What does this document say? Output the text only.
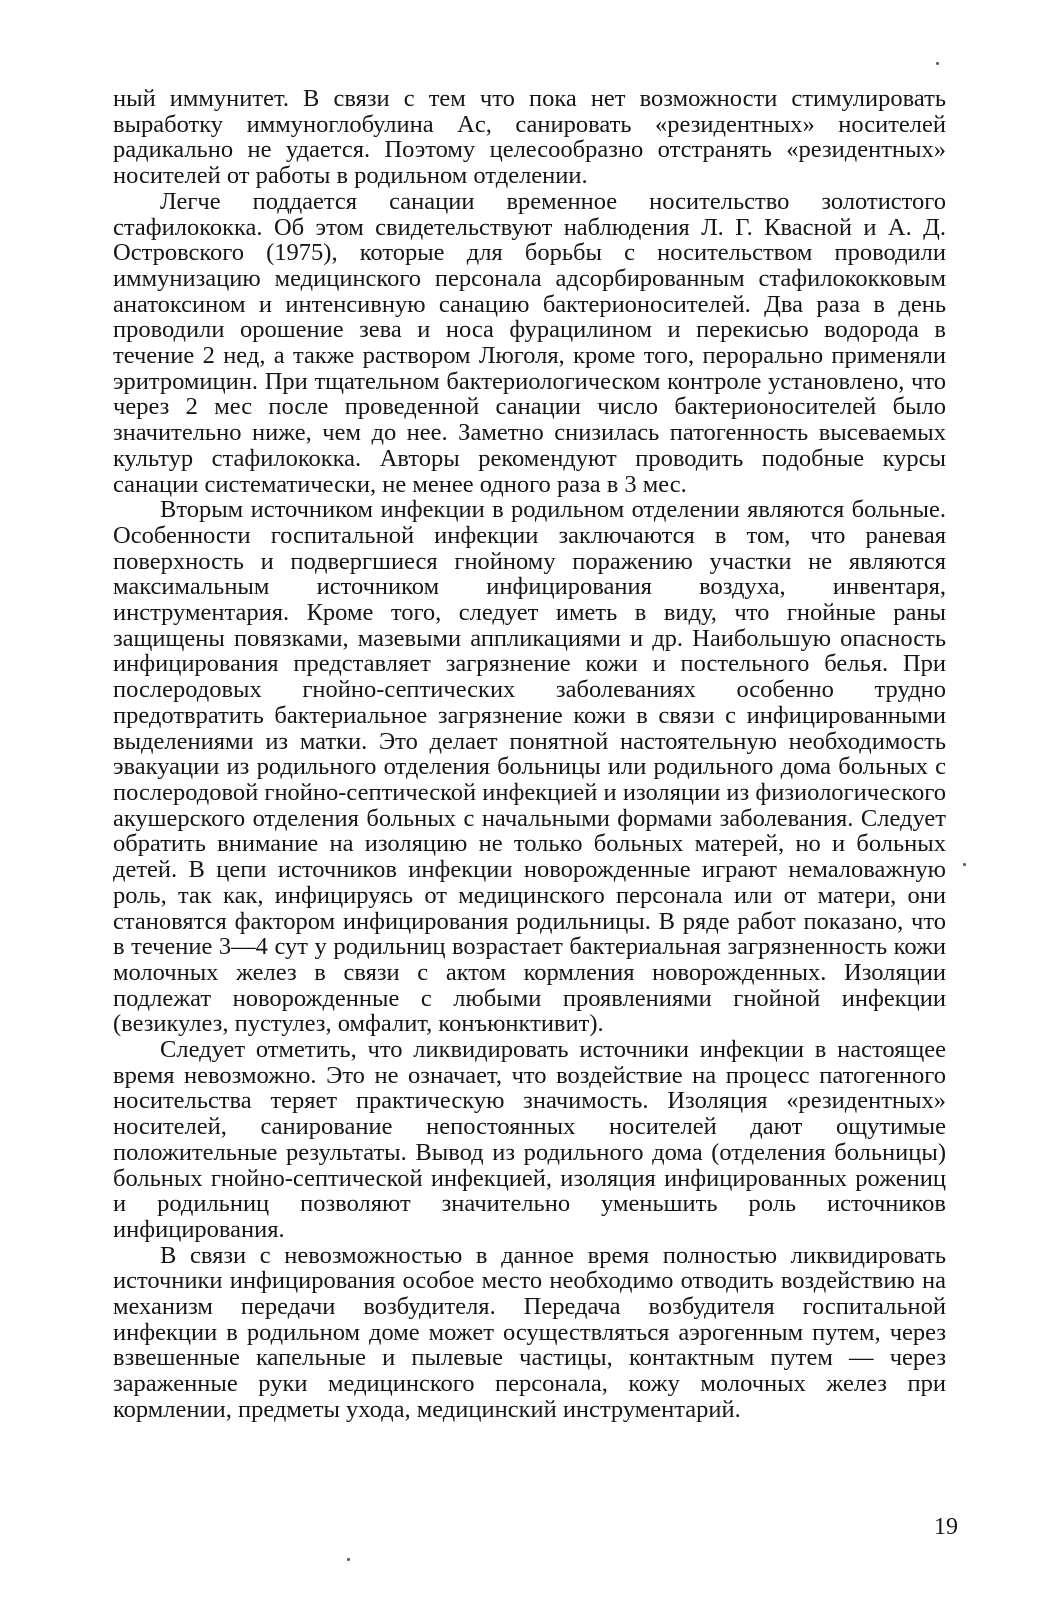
ный иммунитет. В связи с тем что пока нет возможности стимулировать выработку иммуноглобулина Ac, санировать «резидентных» носителей радикально не удается. Поэтому целесообразно отстранять «резидентных» носителей от работы в родильном отделении.

Легче поддается санации временное носительство золотистого стафилококка. Об этом свидетельствуют наблюдения Л. Г. Квасной и А. Д. Островского (1975), которые для борьбы с носительством проводили иммунизацию медицинского персонала адсорбированным стафилококковым анатоксином и интенсивную санацию бактерионосителей. Два раза в день проводили орошение зева и носа фурацилином и перекисью водорода в течение 2 нед, а также раствором Люголя, кроме того, перорально применяли эритромицин. При тщательном бактериологическом контроле установлено, что через 2 мес после проведенной санации число бактерионосителей было значительно ниже, чем до нее. Заметно снизилась патогенность высеваемых культур стафилококка. Авторы рекомендуют проводить подобные курсы санации систематически, не менее одного раза в 3 мес.

Вторым источником инфекции в родильном отделении являются больные. Особенности госпитальной инфекции заключаются в том, что раневая поверхность и подвергшиеся гнойному поражению участки не являются максимальным источником инфицирования воздуха, инвентаря, инструментария. Кроме того, следует иметь в виду, что гнойные раны защищены повязками, мазевыми аппликациями и др. Наибольшую опасность инфицирования представляет загрязнение кожи и постельного белья. При послеродовых гнойно-септических заболеваниях особенно трудно предотвратить бактериальное загрязнение кожи в связи с инфицированными выделениями из матки. Это делает понятной настоятельную необходимость эвакуации из родильного отделения больницы или родильного дома больных с послеродовой гнойно-септической инфекцией и изоляции из физиологического акушерского отделения больных с начальными формами заболевания. Следует обратить внимание на изоляцию не только больных матерей, но и больных детей. В цепи источников инфекции новорожденные играют немаловажную роль, так как, инфицируясь от медицинского персонала или от матери, они становятся фактором инфицирования родильницы. В ряде работ показано, что в течение 3—4 сут у родильниц возрастает бактериальная загрязненность кожи молочных желез в связи с актом кормления новорожденных. Изоляции подлежат новорожденные с любыми проявлениями гнойной инфекции (везикулез, пустулез, омфалит, конъюнктивит).

Следует отметить, что ликвидировать источники инфекции в настоящее время невозможно. Это не означает, что воздействие на процесс патогенного носительства теряет практическую значимость. Изоляция «резидентных» носителей, санирование непостоянных носителей дают ощутимые положительные результаты. Вывод из родильного дома (отделения больницы) больных гнойно-септической инфекцией, изоляция инфицированных рожениц и родильниц позволяют значительно уменьшить роль источников инфицирования.

В связи с невозможностью в данное время полностью ликвидировать источники инфицирования особое место необходимо отводить воздействию на механизм передачи возбудителя. Передача возбудителя госпитальной инфекции в родильном доме может осуществляться аэрогенным путем, через взвешенные капельные и пылевые частицы, контактным путем — через зараженные руки медицинского персонала, кожу молочных желез при кормлении, предметы ухода, медицинский инструментарий.

19
